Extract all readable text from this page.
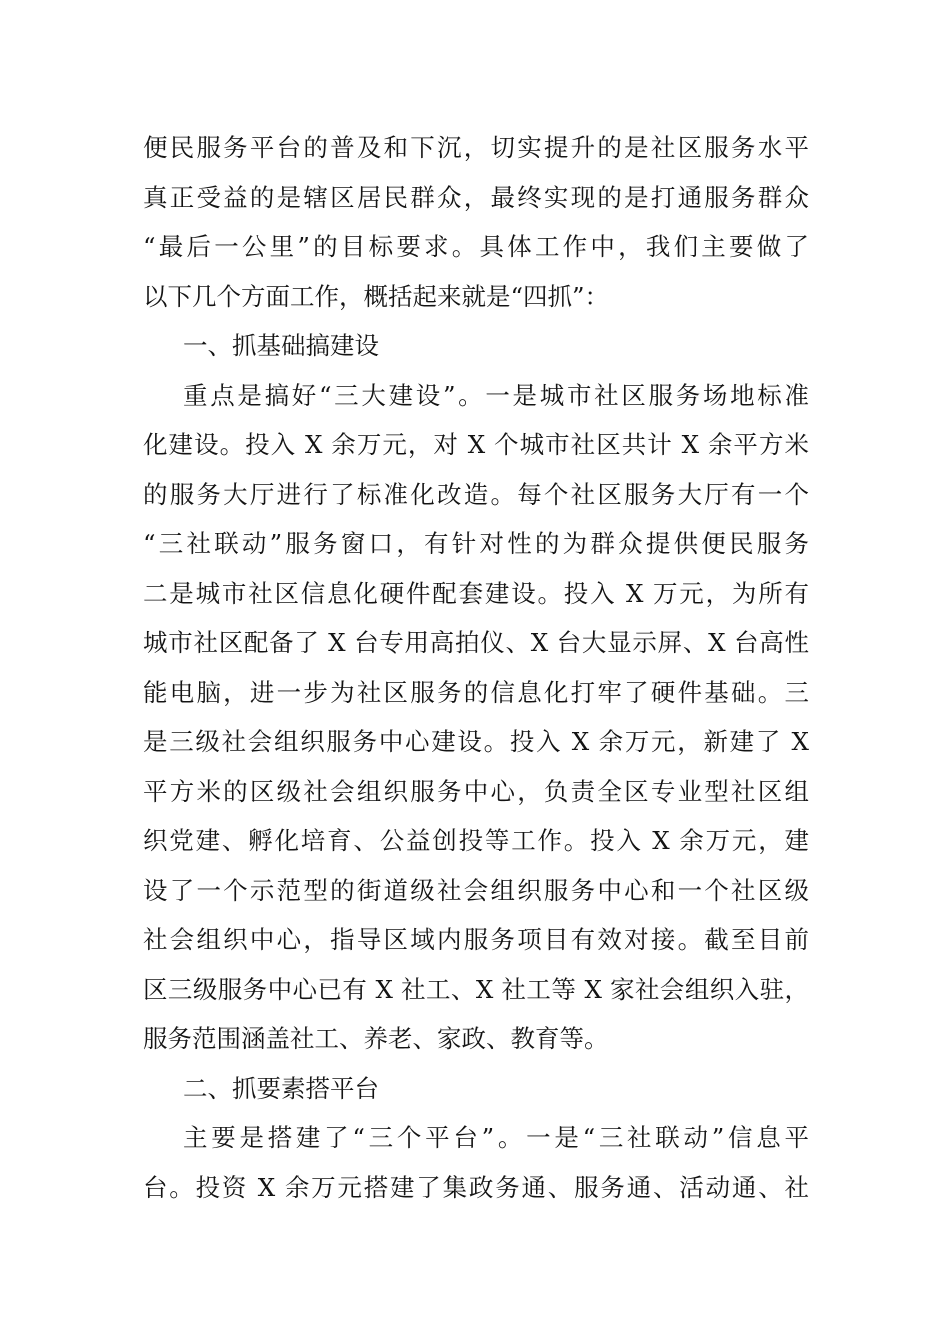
便民服务平台的普及和下沉，切实提升的是社区服务水平
真正受益的是辖区居民群众，最终实现的是打通服务群众
“最后一公里”的目标要求。具体工作中，我们主要做了
以下几个方面工作，概括起来就是“四抓”：
一、抓基础搞建设
重点是搞好“三大建设”。一是城市社区服务场地标准
化建设。投入 X 余万元，对 X 个城市社区共计 X 余平方米
的服务大厅进行了标准化改造。每个社区服务大厅有一个
“三社联动”服务窗口，有针对性的为群众提供便民服务
二是城市社区信息化硬件配套建设。投入 X 万元，为所有
城市社区配备了 X 台专用高拍仪、X 台大显示屏、X 台高性
能电脑，进一步为社区服务的信息化打牢了硬件基础。三
是三级社会组织服务中心建设。投入 X 余万元，新建了 X
平方米的区级社会组织服务中心，负责全区专业型社区组
织党建、孵化培育、公益创投等工作。投入 X 余万元，建
设了一个示范型的街道级社会组织服务中心和一个社区级
社会组织中心，指导区域内服务项目有效对接。截至目前
区三级服务中心已有 X 社工、X 社工等 X 家社会组织入驻，
服务范围涵盖社工、养老、家政、教育等。
二、抓要素搭平台
主要是搭建了“三个平台”。一是“三社联动”信息平
台。投资 X 余万元搭建了集政务通、服务通、活动通、社
